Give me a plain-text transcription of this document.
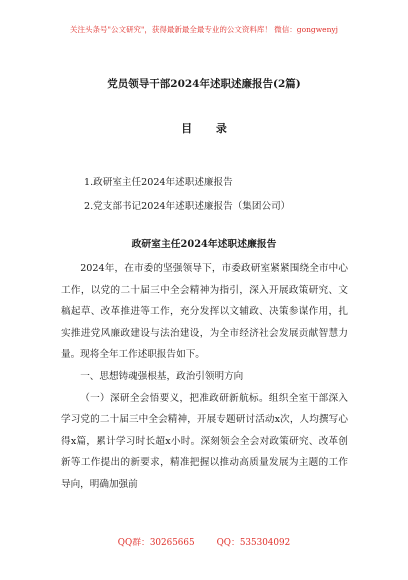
关注头条号"公文研究"，获得最新最全最专业的公文资料库！ 微信：gongwenyj
党员领导干部2024年述职述廉报告(2篇)
目 录
1.政研室主任2024年述职述廉报告
2.党支部书记2024年述职述廉报告（集团公司）
政研室主任2024年述职述廉报告

2024年，在市委的坚强领导下，市委政研室紧紧围绕全市中心工作，以党的二十届三中全会精神为指引，深入开展政策研究、文稿起草、改革推进等工作，充分发挥以文辅政、决策参谋作用，扎实推进党风廉政建设与法治建设，为全市经济社会发展贡献智慧力量。现将全年工作述职报告如下。

一、思想铸魂强根基，政治引领明方向

（一）深研全会悟要义，把准政研新航标。组织全室干部深入学习党的二十届三中全会精神，开展专题研讨活动x次，人均撰写心得x篇，累计学习时长超x小时。深刻领会全会对政策研究、改革创新等工作提出的新要求，精准把握以推动高质量发展为主题的工作导向，明确加强前

QQ群：30265665	QQ：535304092
